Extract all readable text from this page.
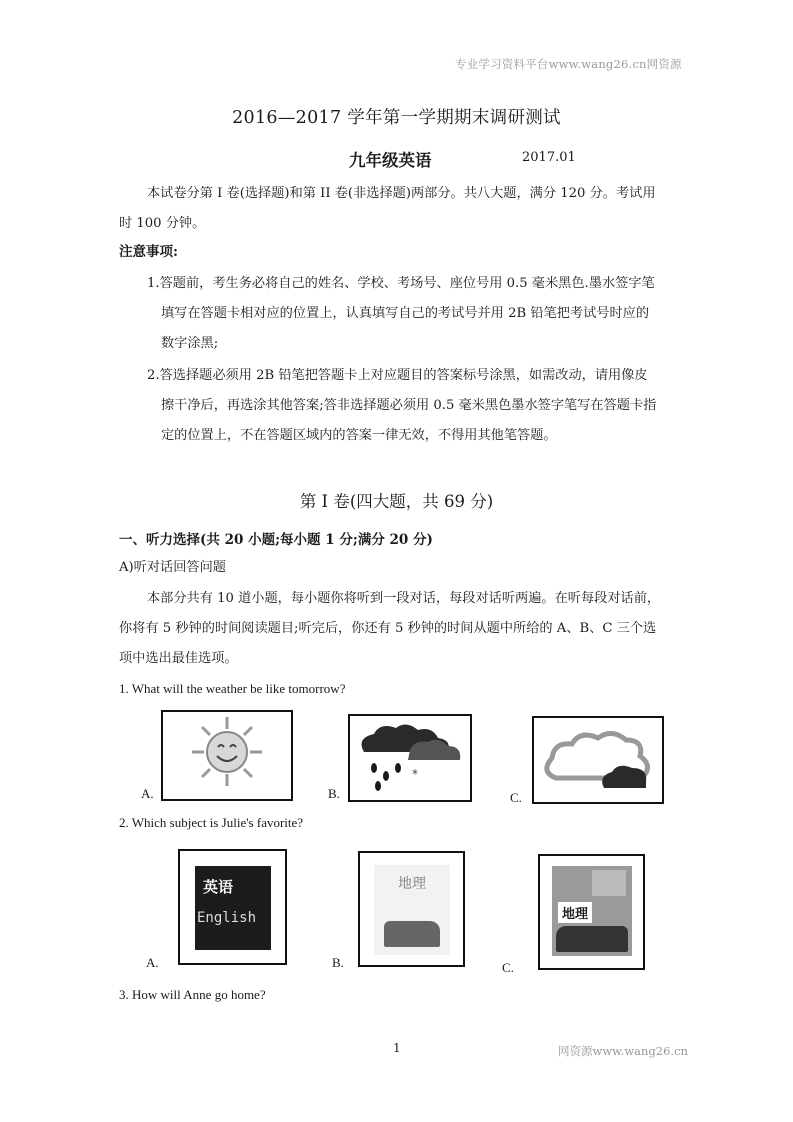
专业学习资料平台www.wang26.cn网资源
2016—2017 学年第一学期期末调研测试
九年级英语	2017.01
本试卷分第 I 卷(选择题)和第 II 卷(非选择题)两部分。共八大题，满分 120 分。考试用
时 100 分钟。
注意事项:
1.答题前，考生务必将自己的姓名、学校、考场号、座位号用 0.5 毫米黑色.墨水签字笔
填写在答题卡相对应的位置上，认真填写自己的考试号并用 2B 铅笔把考试号时应的
数字涂黑;
2.答选择题必须用 2B 铅笔把答题卡上对应题目的答案标号涂黑，如需改动，请用像皮
擦干净后，再选涂其他答案;答非选择题必须用 0.5 毫米黑色墨水签字笔写在答题卡指
定的位置上，不在答题区域内的答案一律无效，不得用其他笔答题。
第 I 卷(四大题，共 69 分)
一、听力选择(共 20 小题;每小题 1 分;满分 20 分)
A)听对话回答问题
本部分共有 10 道小题，每小题你将听到一段对话，每段对话听两遍。在听每段对话前，
你将有 5 秒钟的时间阅读题目;听完后，你还有 5 秒钟的时间从题中所给的 A、B、C 三个选
项中选出最佳选项。
1. What will the weather be like tomorrow?
A.
*
B.	C.
2. Which subject is Julie's favorite?
英语
English
A.
地理
B.
地理
C.
3. How will Anne go home?
1	网资源www.wang26.cn
